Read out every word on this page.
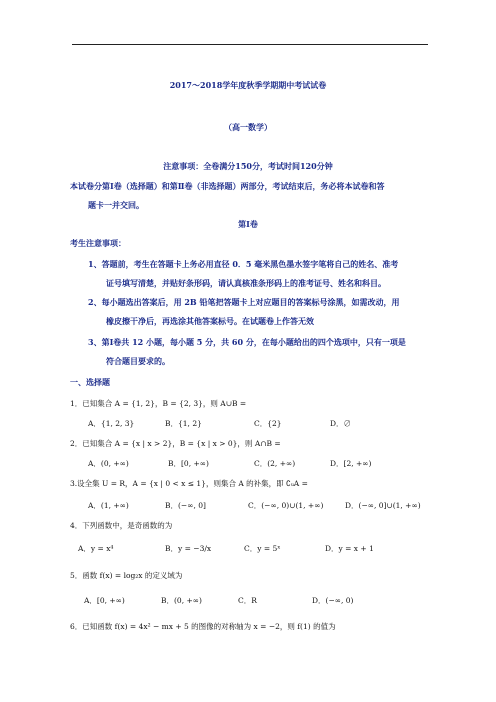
2017～2018学年度秋季学期期中考试试卷
（高一数学）
注意事项：全卷满分150分，考试时间120分钟
本试卷分第Ⅰ卷（选择题）和第Ⅱ卷（非选择题）两部分，考试结束后，务必将本试卷和答
题卡一并交回。
第Ⅰ卷
考生注意事项：
1、答题前，考生在答题卡上务必用直径 0．5 毫米黑色墨水签字笔将自己的姓名、准考
证号填写清楚，并贴好条形码，请认真核准条形码上的准考证号、姓名和科目。
2、每小题选出答案后，用 2B 铅笔把答题卡上对应题目的答案标号涂黑，如需改动，用
橡皮擦干净后，再选涂其他答案标号。在试题卷上作答无效
3、第Ⅰ卷共 12 小题，每小题 5 分，共 60 分，在每小题给出的四个选项中，只有一项是
符合题目要求的。
一、选择题
1．已知集合 A = {1, 2}，B = {2, 3}，则 A∪B =
A．{1, 2, 3}	B．{1, 2}	C．{2}	D．∅
2．已知集合 A = {x | x > 2}，B = {x | x > 0}，则 A∩B =
A．(0, +∞)	B．[0, +∞)	C．(2, +∞)	D．[2, +∞)
3.设全集 U = R，A = {x | 0 < x ≤ 1}，则集合 A 的补集，即 ∁ᵤA =
A．(1, +∞)	B．(−∞, 0]	C．(−∞, 0)∪(1, +∞)	D．(−∞, 0]∪(1, +∞)
4．下列函数中，是奇函数的为
A．y = x⁴	B．y = −3/x	C．y = 5ˣ	D．y = x + 1
5．函数 f(x) = log₂x 的定义域为
A．[0, +∞)	B．(0, +∞)	C．R	D．(−∞, 0)
6．已知函数 f(x) = 4x² − mx + 5 的图像的对称轴为 x = −2，则 f(1) 的值为
